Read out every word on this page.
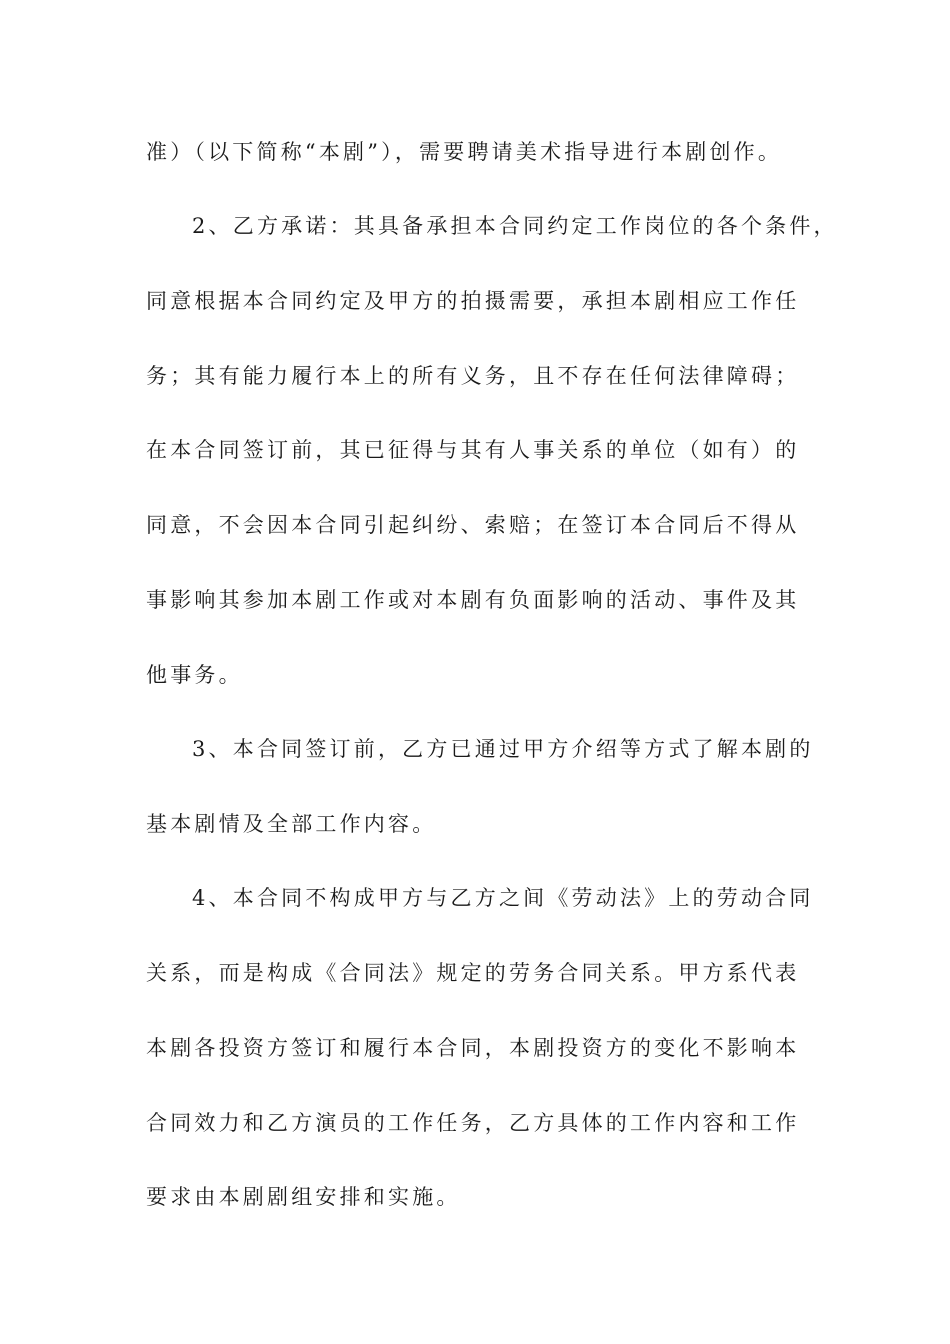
准）（以下简称“本剧”），需要聘请美术指导进行本剧创作。
2、乙方承诺：其具备承担本合同约定工作岗位的各个条件，
同意根据本合同约定及甲方的拍摄需要，承担本剧相应工作任
务；其有能力履行本上的所有义务，且不存在任何法律障碍；
在本合同签订前，其已征得与其有人事关系的单位（如有）的
同意，不会因本合同引起纠纷、索赔；在签订本合同后不得从
事影响其参加本剧工作或对本剧有负面影响的活动、事件及其
他事务。
3、本合同签订前，乙方已通过甲方介绍等方式了解本剧的
基本剧情及全部工作内容。
4、本合同不构成甲方与乙方之间《劳动法》上的劳动合同
关系，而是构成《合同法》规定的劳务合同关系。甲方系代表
本剧各投资方签订和履行本合同，本剧投资方的变化不影响本
合同效力和乙方演员的工作任务，乙方具体的工作内容和工作
要求由本剧剧组安排和实施。
